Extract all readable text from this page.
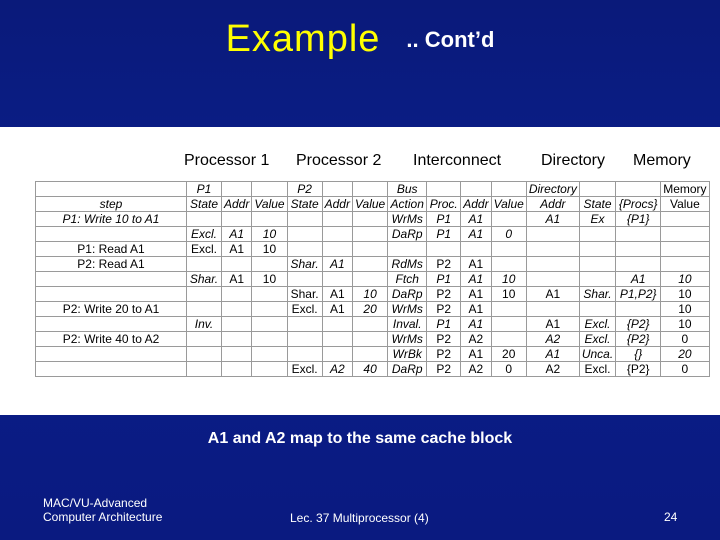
Example .. Cont’d
Processor 1 Processor 2 Interconnect Directory Memory
	P1			P2			Bus				Directory			Memory
step	State	Addr	Value	State	Addr	Value	Action	Proc.	Addr	Value	Addr	State	{Procs}	Value
P1: Write 10 to A1							WrMs	P1	A1		A1	Ex	{P1}	
	Excl.	A1	10				DaRp	P1	A1	0				
P1: Read A1	Excl.	A1	10											
P2: Read A1				Shar.	A1		RdMs	P2	A1					
	Shar.	A1	10				Ftch	P1	A1	10			A1	10
				Shar.	A1	10	DaRp	P2	A1	10	A1	Shar.	P1,P2}	10
P2: Write 20 to A1				Excl.	A1	20	WrMs	P2	A1					10
	Inv.						Inval.	P1	A1		A1	Excl.	{P2}	10
P2: Write 40 to A2							WrMs	P2	A2		A2	Excl.	{P2}	0
							WrBk	P2	A1	20	A1	Unca.	{}	20
				Excl.	A2	40	DaRp	P2	A2	0	A2	Excl.	{P2}	0
A1 and A2 map to the same cache block
MAC/VU-Advanced
Computer Architecture	Lec. 37 Multiprocessor (4)	24
